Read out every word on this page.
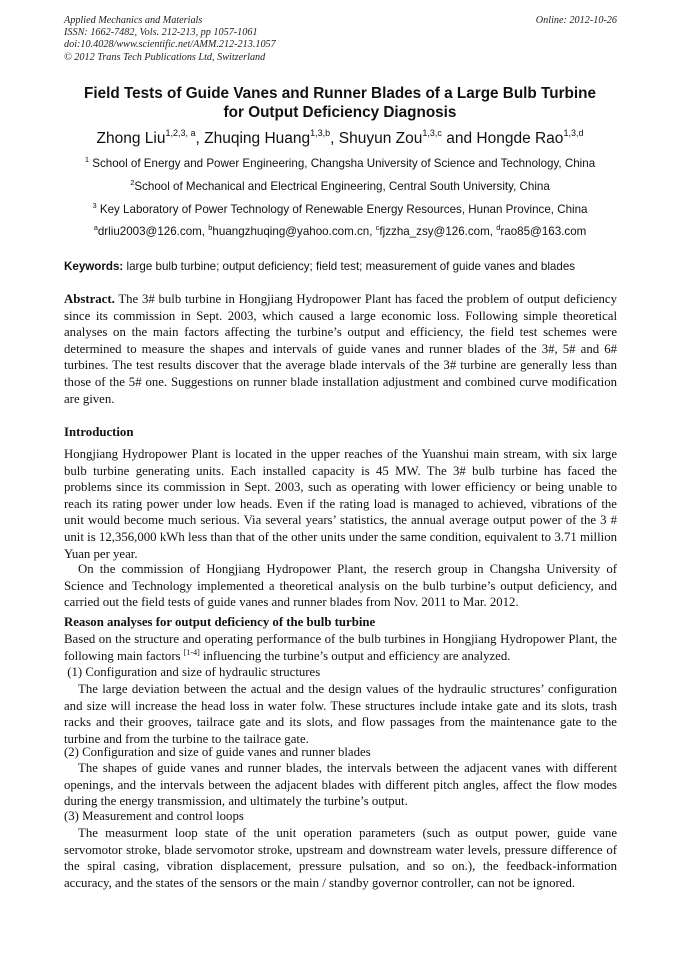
Applied Mechanics and Materials
ISSN: 1662-7482, Vols. 212-213, pp 1057-1061
doi:10.4028/www.scientific.net/AMM.212-213.1057
© 2012 Trans Tech Publications Ltd, Switzerland
Online: 2012-10-26
Field Tests of Guide Vanes and Runner Blades of a Large Bulb Turbine
for Output Deficiency Diagnosis
Zhong Liu$^{1,2,3, a}$, Zhuqing Huang$^{1,3,b}$, Shuyun Zou$^{1,3,c}$ and Hongde Rao$^{1,3,d}$
$^1$ School of Energy and Power Engineering, Changsha University of Science and Technology, China
$^2$School of Mechanical and Electrical Engineering, Central South University, China
$^3$ Key Laboratory of Power Technology of Renewable Energy Resources, Hunan Province, China
$^a$drliu2003@126.com, $^b$huangzhuqing@yahoo.com.cn, $^c$fjzzha_zsy@126.com, $^d$rao85@163.com
Keywords: large bulb turbine; output deficiency; field test; measurement of guide vanes and blades
Abstract. The 3# bulb turbine in Hongjiang Hydropower Plant has faced the problem of output deficiency since its commission in Sept. 2003, which caused a large economic loss. Following simple theoretical analyses on the main factors affecting the turbine’s output and efficiency, the field test schemes were determined to measure the shapes and intervals of guide vanes and runner blades of the 3#, 5# and 6# turbines. The test results discover that the average blade intervals of the 3# turbine are generally less than those of the 5# one. Suggestions on runner blade installation adjustment and combined curve modification are given.
Introduction
Hongjiang Hydropower Plant is located in the upper reaches of the Yuanshui main stream, with six large bulb turbine generating units. Each installed capacity is 45 MW. The 3# bulb turbine has faced the problems since its commission in Sept. 2003, such as operating with lower efficiency or being unable to reach its rating power under low heads. Even if the rating load is managed to achieved, vibrations of the unit would become much serious. Via several years’ statistics, the annual average output power of the 3 # unit is 12,356,000 kWh less than that of the other units under the same condition, equivalent to 3.71 million Yuan per year.
On the commission of Hongjiang Hydropower Plant, the reserch group in Changsha University of Science and Technology implemented a theoretical analysis on the bulb turbine’s output deficiency, and carried out the field tests of guide vanes and runner blades from Nov. 2011 to Mar. 2012.
Reason analyses for output deficiency of the bulb turbine
Based on the structure and operating performance of the bulb turbines in Hongjiang Hydropower Plant, the following main factors [1-4] influencing the turbine’s output and efficiency are analyzed.
(1) Configuration and size of hydraulic structures
The large deviation between the actual and the design values of the hydraulic structures’ configuration and size will increase the head loss in water folw. These structures include intake gate and its slots, trash racks and their grooves, tailrace gate and its slots, and flow passages from the maintenance gate to the turbine and from the turbine to the tailrace gate.
(2) Configuration and size of guide vanes and runner blades
The shapes of guide vanes and runner blades, the intervals between the adjacent vanes with different openings, and the intervals between the adjacent blades with different pitch angles, affect the flow modes during the energy transmission, and ultimately the turbine’s output.
(3) Measurement and control loops
The measurment loop state of the unit operation parameters (such as output power, guide vane servomotor stroke, blade servomotor stroke, upstream and downstream water levels, pressure difference of the spiral casing, vibration displacement, pressure pulsation, and so on.), the feedback-information accuracy, and the states of the sensors or the main / standby governor controller, can not be ignored.
